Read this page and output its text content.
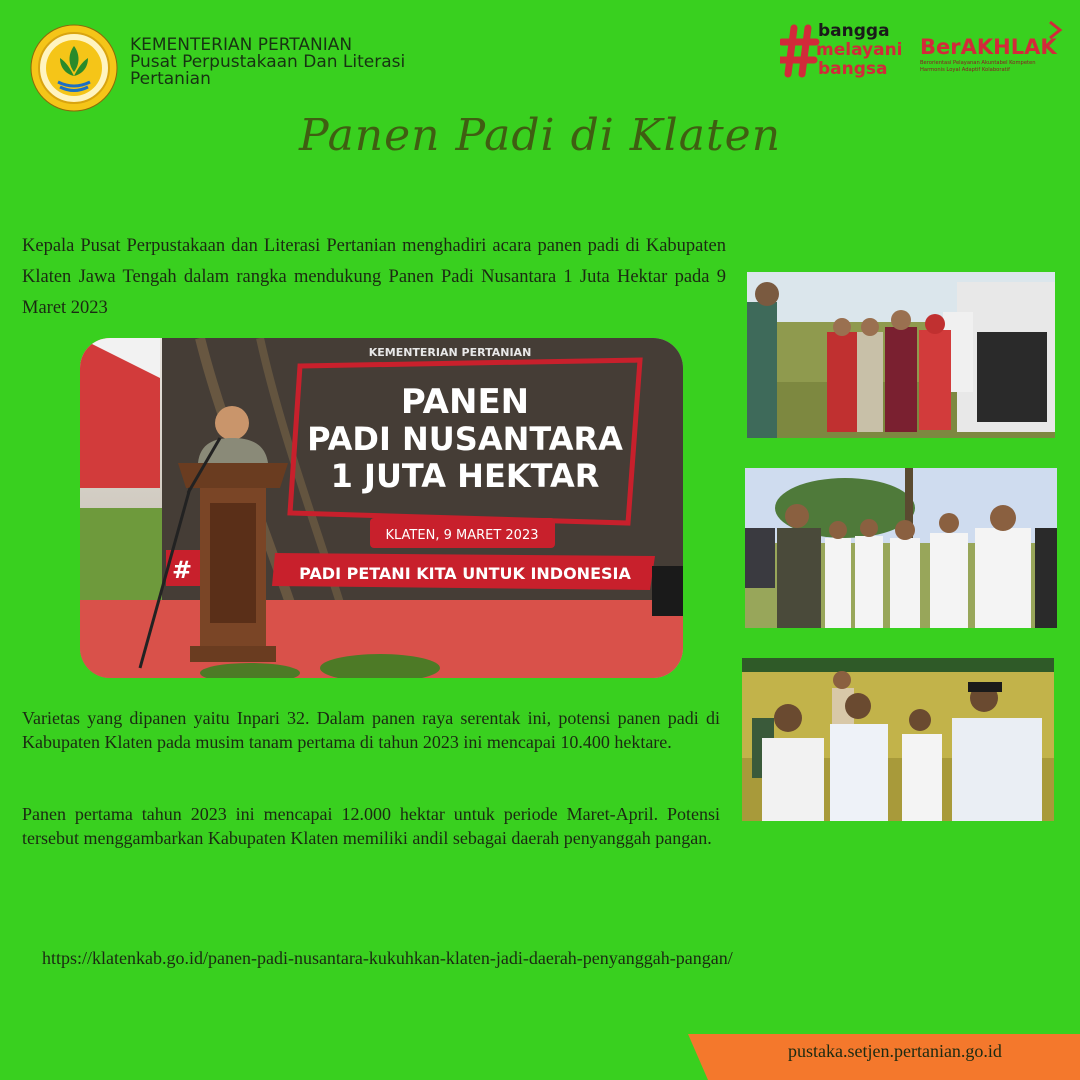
KEMENTERIAN PERTANIAN
Pusat Perpustakaan Dan Literasi
Pertanian
bangga
melayani
bangsa
BerAKHLAK
Berorientasi Pelayanan Akuntabel Kompeten
Harmonis Loyal Adaptif Kolaboratif
Panen Padi di Klaten
Kepala Pusat Perpustakaan dan Literasi Pertanian menghadiri acara panen padi di Kabupaten Klaten Jawa Tengah dalam rangka mendukung Panen Padi Nusantara 1 Juta Hektar pada 9 Maret 2023
KEMENTERIAN PERTANIAN
PANEN
PADI NUSANTARA
1 JUTA HEKTAR
KLATEN, 9 MARET 2023
PADI PETANI KITA UNTUK INDONESIA
#
Varietas yang dipanen yaitu Inpari 32. Dalam panen raya serentak ini, potensi panen padi di Kabupaten Klaten pada musim tanam pertama di tahun 2023 ini mencapai 10.400 hektare.
Panen pertama tahun 2023 ini mencapai 12.000 hektar untuk periode Maret-April. Potensi tersebut menggambarkan Kabupaten Klaten memiliki andil sebagai daerah penyanggah pangan.
https://klatenkab.go.id/panen-padi-nusantara-kukuhkan-klaten-jadi-daerah-penyanggah-pangan/
pustaka.setjen.pertanian.go.id
